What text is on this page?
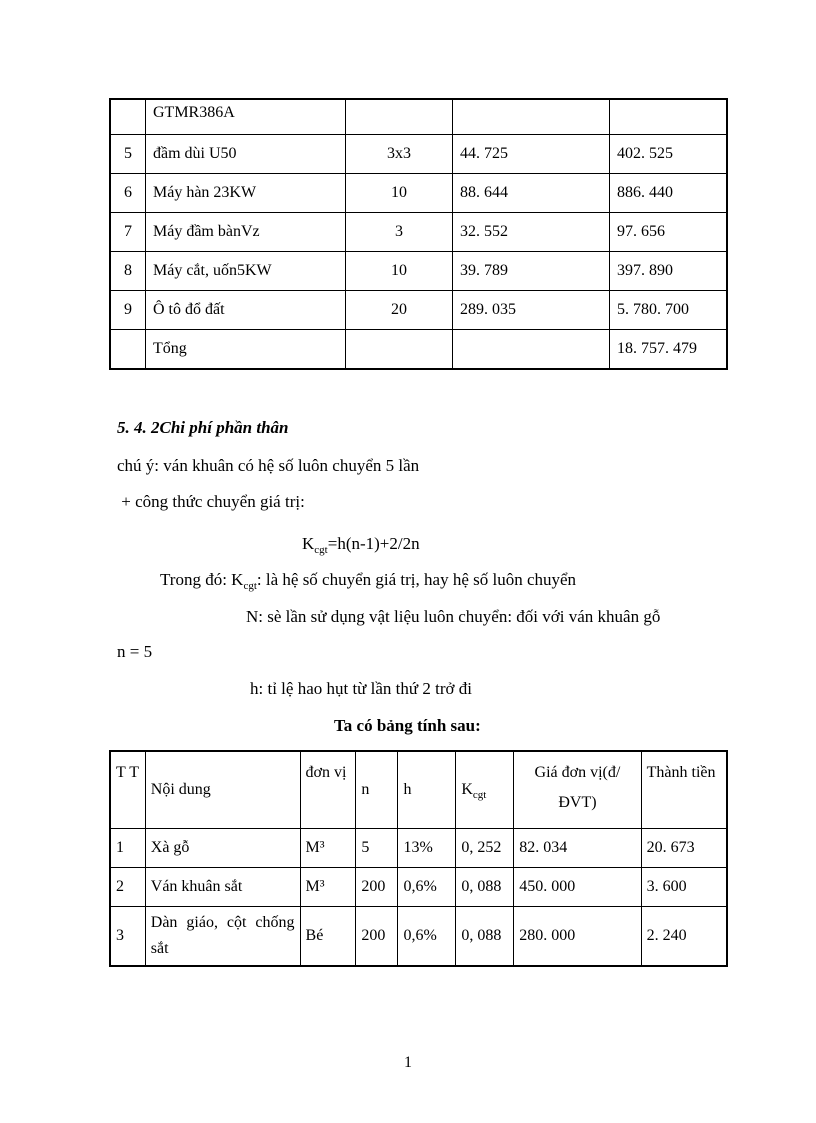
	GTMR386A			
5	đầm dùi U50	3x3	44. 725	402. 525
6	Máy hàn 23KW	10	88. 644	886. 440
7	Máy đầm bànVz	3	32. 552	97. 656
8	Máy cắt, uốn5KW	10	39. 789	397. 890
9	Ô tô đổ đất	20	289. 035	5. 780. 700
	Tổng			18. 757. 479
5. 4. 2Chi phí phần thân
chú ý: ván khuân có hệ số luôn chuyển 5 lần
+ công thức chuyển giá trị:
$K_{cgt}=h(n-1)+2/2n$
Trong đó: $K_{cgt}$: là hệ số chuyển giá trị, hay hệ số luôn chuyển
N: sè lần sử dụng vật liệu luôn chuyển: đối với ván khuân gỗ
n = 5
h: tỉ lệ hao hụt từ lần thứ 2 trở đi
Ta có bảng tính sau:
T T	Nội dung	đơn vị	n	h	$K_{cgt}$	Giá đơn vị(đ/ĐVT)	Thành tiền
1	Xà gỗ	M³	5	13%	0, 252	82. 034	20. 673
2	Ván khuân sắt	M³	200	0,6%	0, 088	450. 000	3. 600
3	Dàn giáo, cột chống sắt	Bé	200	0,6%	0, 088	280. 000	2. 240
1
